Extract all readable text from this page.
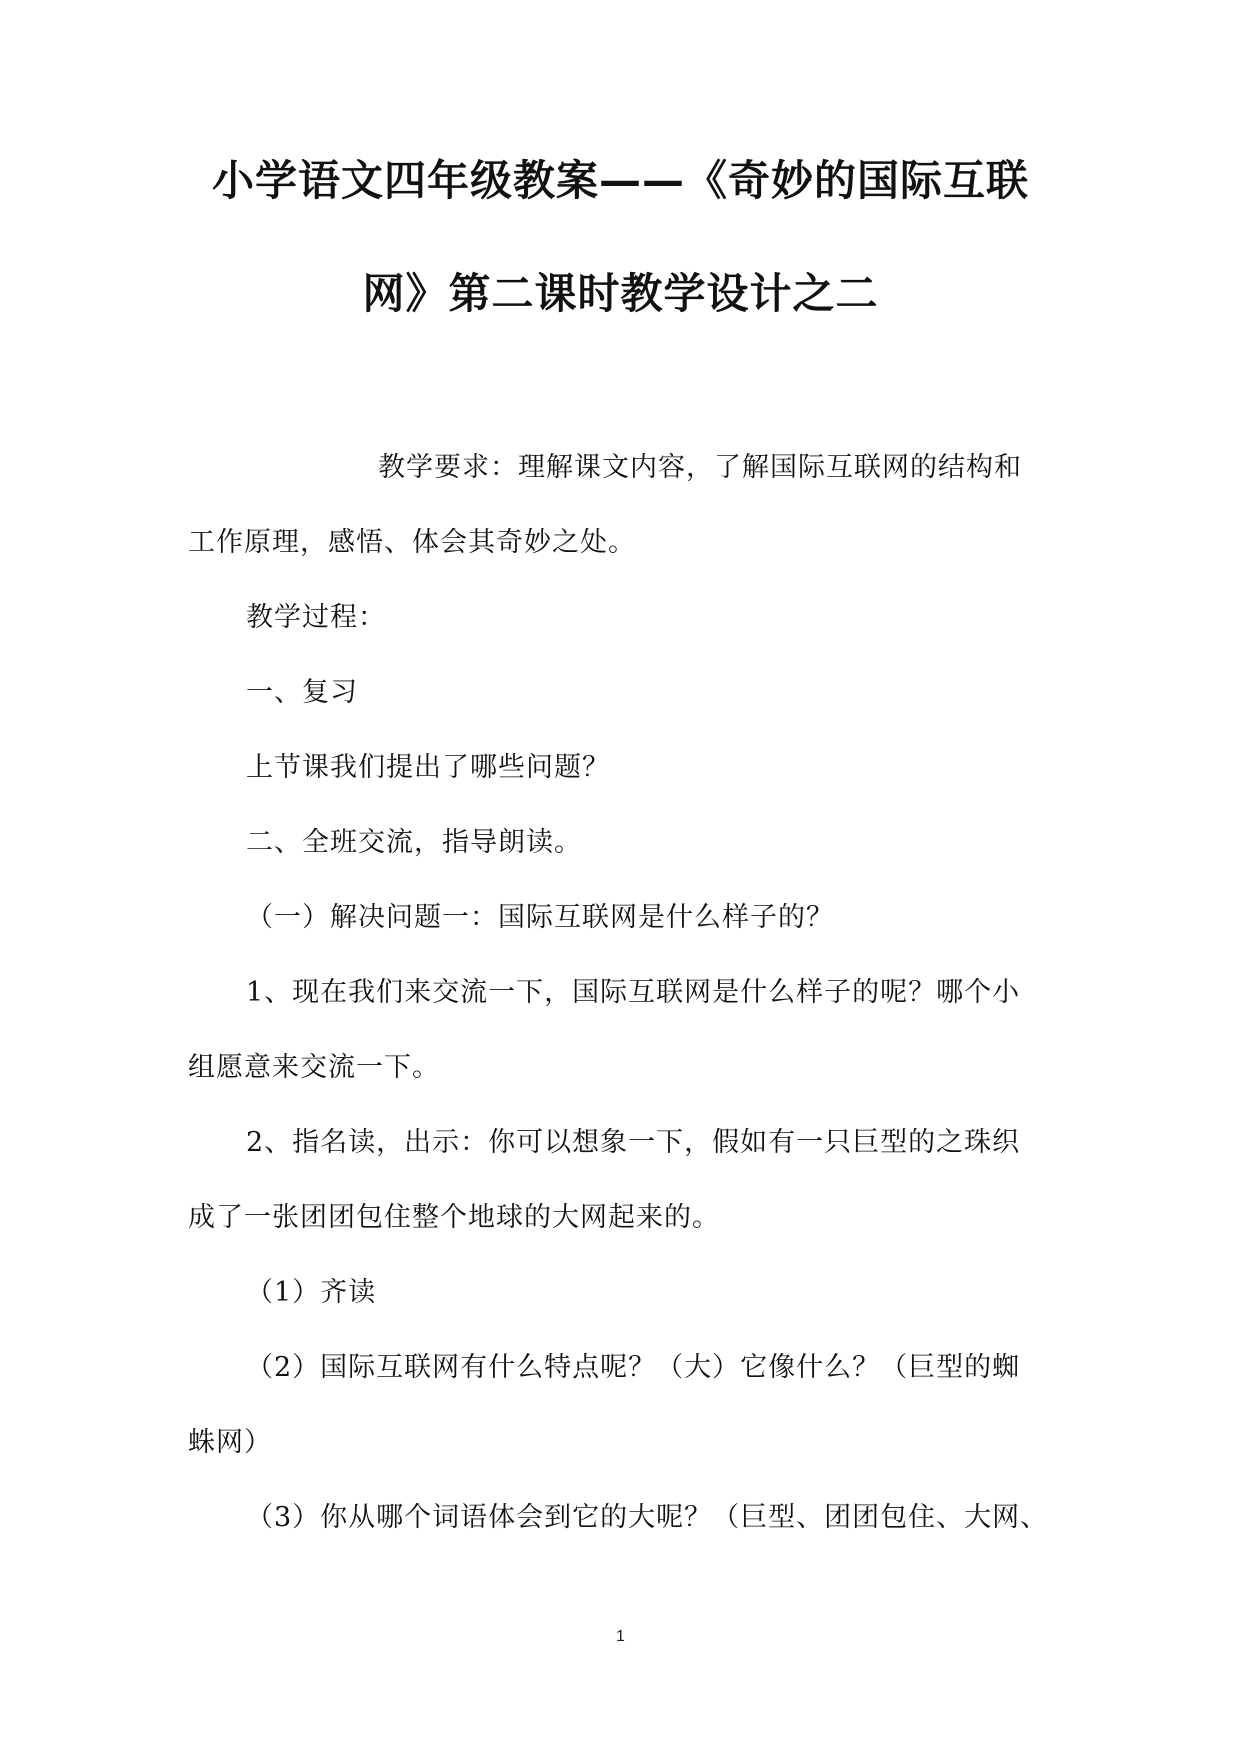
小学语文四年级教案——《奇妙的国际互联
网》第二课时教学设计之二
教学要求：理解课文内容，了解国际互联网的结构和
工作原理，感悟、体会其奇妙之处。
教学过程：
一、复习
上节课我们提出了哪些问题？
二、全班交流，指导朗读。
（一）解决问题一：国际互联网是什么样子的？
1、现在我们来交流一下，国际互联网是什么样子的呢？哪个小
组愿意来交流一下。
2、指名读，出示：你可以想象一下，假如有一只巨型的之珠织
成了一张团团包住整个地球的大网起来的。
（1）齐读
（2）国际互联网有什么特点呢？（大）它像什么？（巨型的蜘
蛛网）
（3）你从哪个词语体会到它的大呢？（巨型、团团包住、大网、
1
